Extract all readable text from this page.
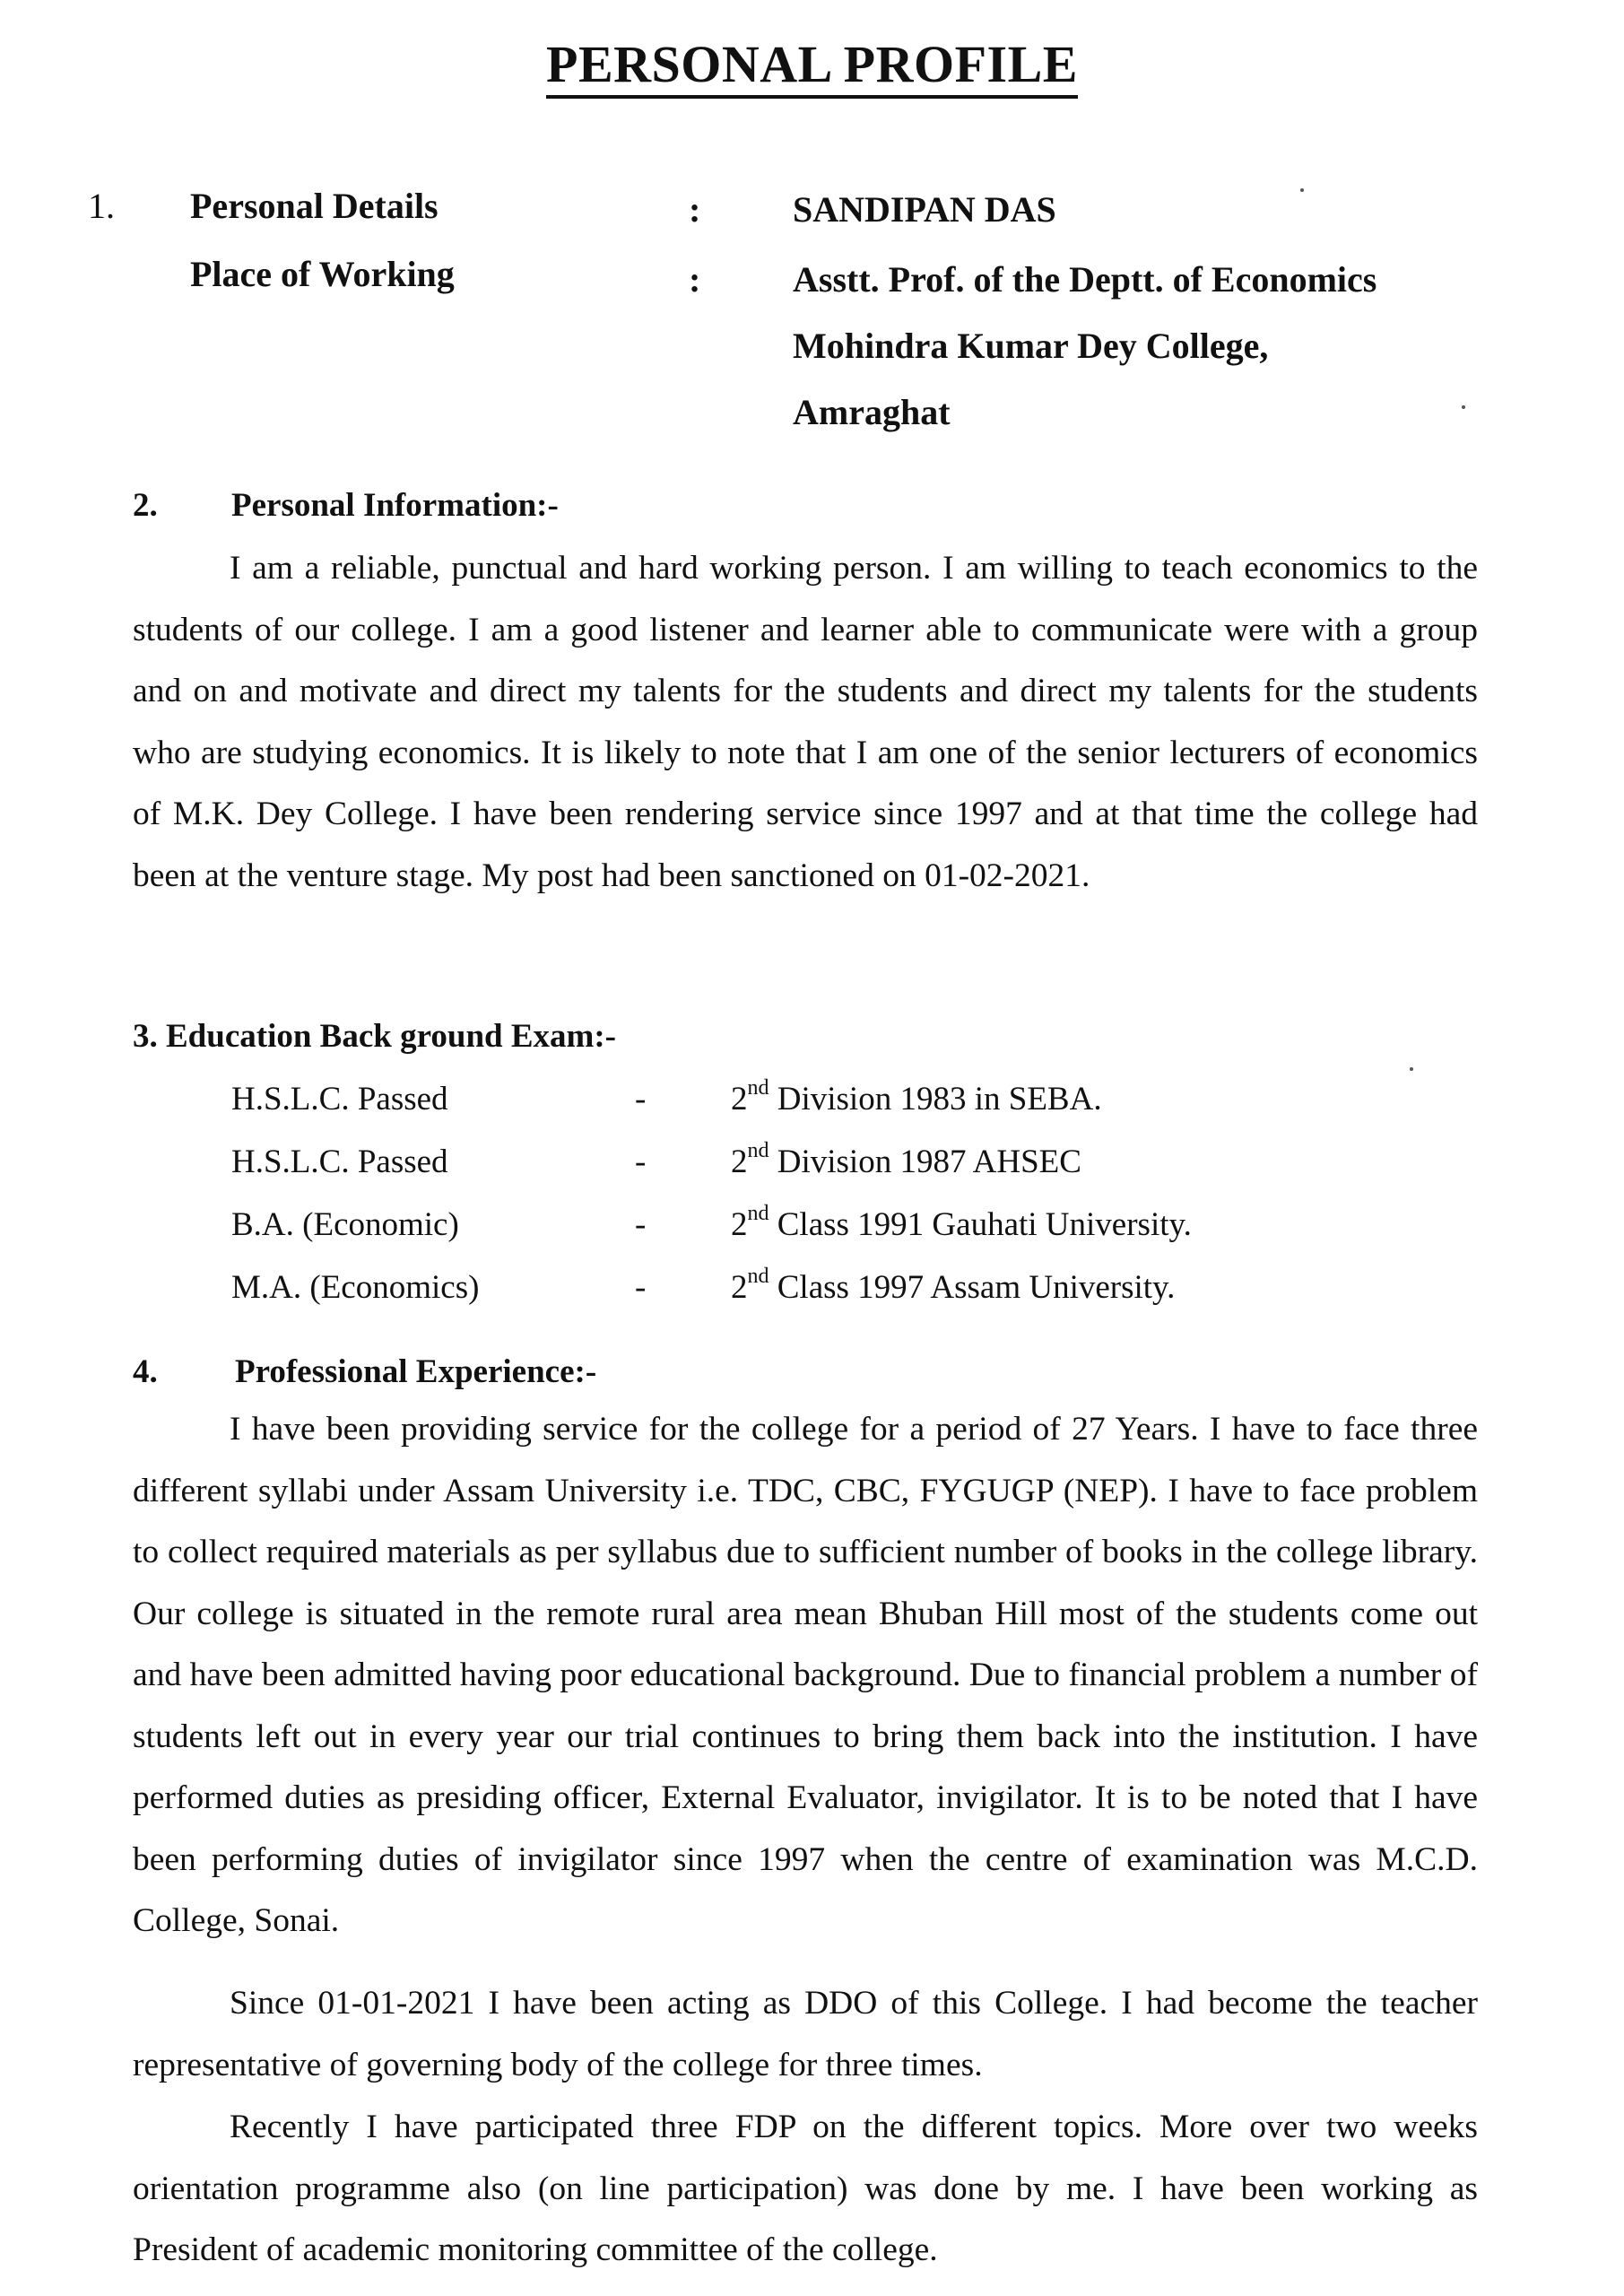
PERSONAL PROFILE
1. Personal Details	:	SANDIPAN DAS
Place of Working	:	Asstt. Prof. of the Deptt. of Economics
Mohindra Kumar Dey College,
Amraghat
2. Personal Information:-
I am a reliable, punctual and hard working person. I am willing to teach economics to the students of our college. I am a good listener and learner able to communicate were with a group and on and motivate and direct my talents for the students and direct my talents for the students who are studying economics. It is likely to note that I am one of the senior lecturers of economics of M.K. Dey College. I have been rendering service since 1997 and at that time the college had been at the venture stage. My post had been sanctioned on 01-02-2021.
3. Education Back ground Exam:-
H.S.L.C. Passed	-	2nd Division 1983 in SEBA.
H.S.L.C. Passed	-	2nd Division 1987 AHSEC
B.A. (Economic)	-	2nd Class 1991 Gauhati University.
M.A. (Economics)	-	2nd Class 1997 Assam University.
4. Professional Experience:-
I have been providing service for the college for a period of 27 Years. I have to face three different syllabi under Assam University i.e. TDC, CBC, FYGUGP (NEP). I have to face problem to collect required materials as per syllabus due to sufficient number of books in the college library. Our college is situated in the remote rural area mean Bhuban Hill most of the students come out and have been admitted having poor educational background. Due to financial problem a number of students left out in every year our trial continues to bring them back into the institution. I have performed duties as presiding officer, External Evaluator, invigilator. It is to be noted that I have been performing duties of invigilator since 1997 when the centre of examination was M.C.D. College, Sonai.
Since 01-01-2021 I have been acting as DDO of this College. I had become the teacher representative of governing body of the college for three times.
Recently I have participated three FDP on the different topics. More over two weeks orientation programme also (on line participation) was done by me. I have been working as President of academic monitoring committee of the college.
